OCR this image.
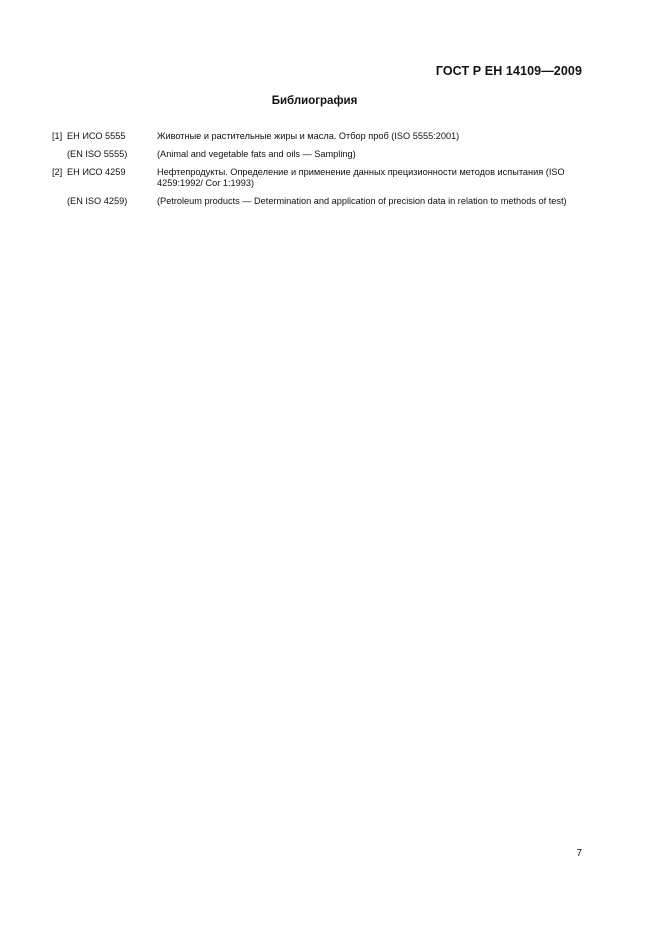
ГОСТ Р ЕН 14109—2009
Библиография
[1] ЕН ИСО 5555	Животные и растительные жиры и масла. Отбор проб (ISO 5555:2001)
(EN ISO 5555)	(Animal and vegetable fats and oils — Sampling)
[2] ЕН ИСО 4259	Нефтепродукты. Определение и применение данных прецизионности методов испытания (ISO 4259:1992/ Cor 1:1993)
(EN ISO 4259)	(Petroleum products — Determination and application of precision data in relation to methods of test)
7
